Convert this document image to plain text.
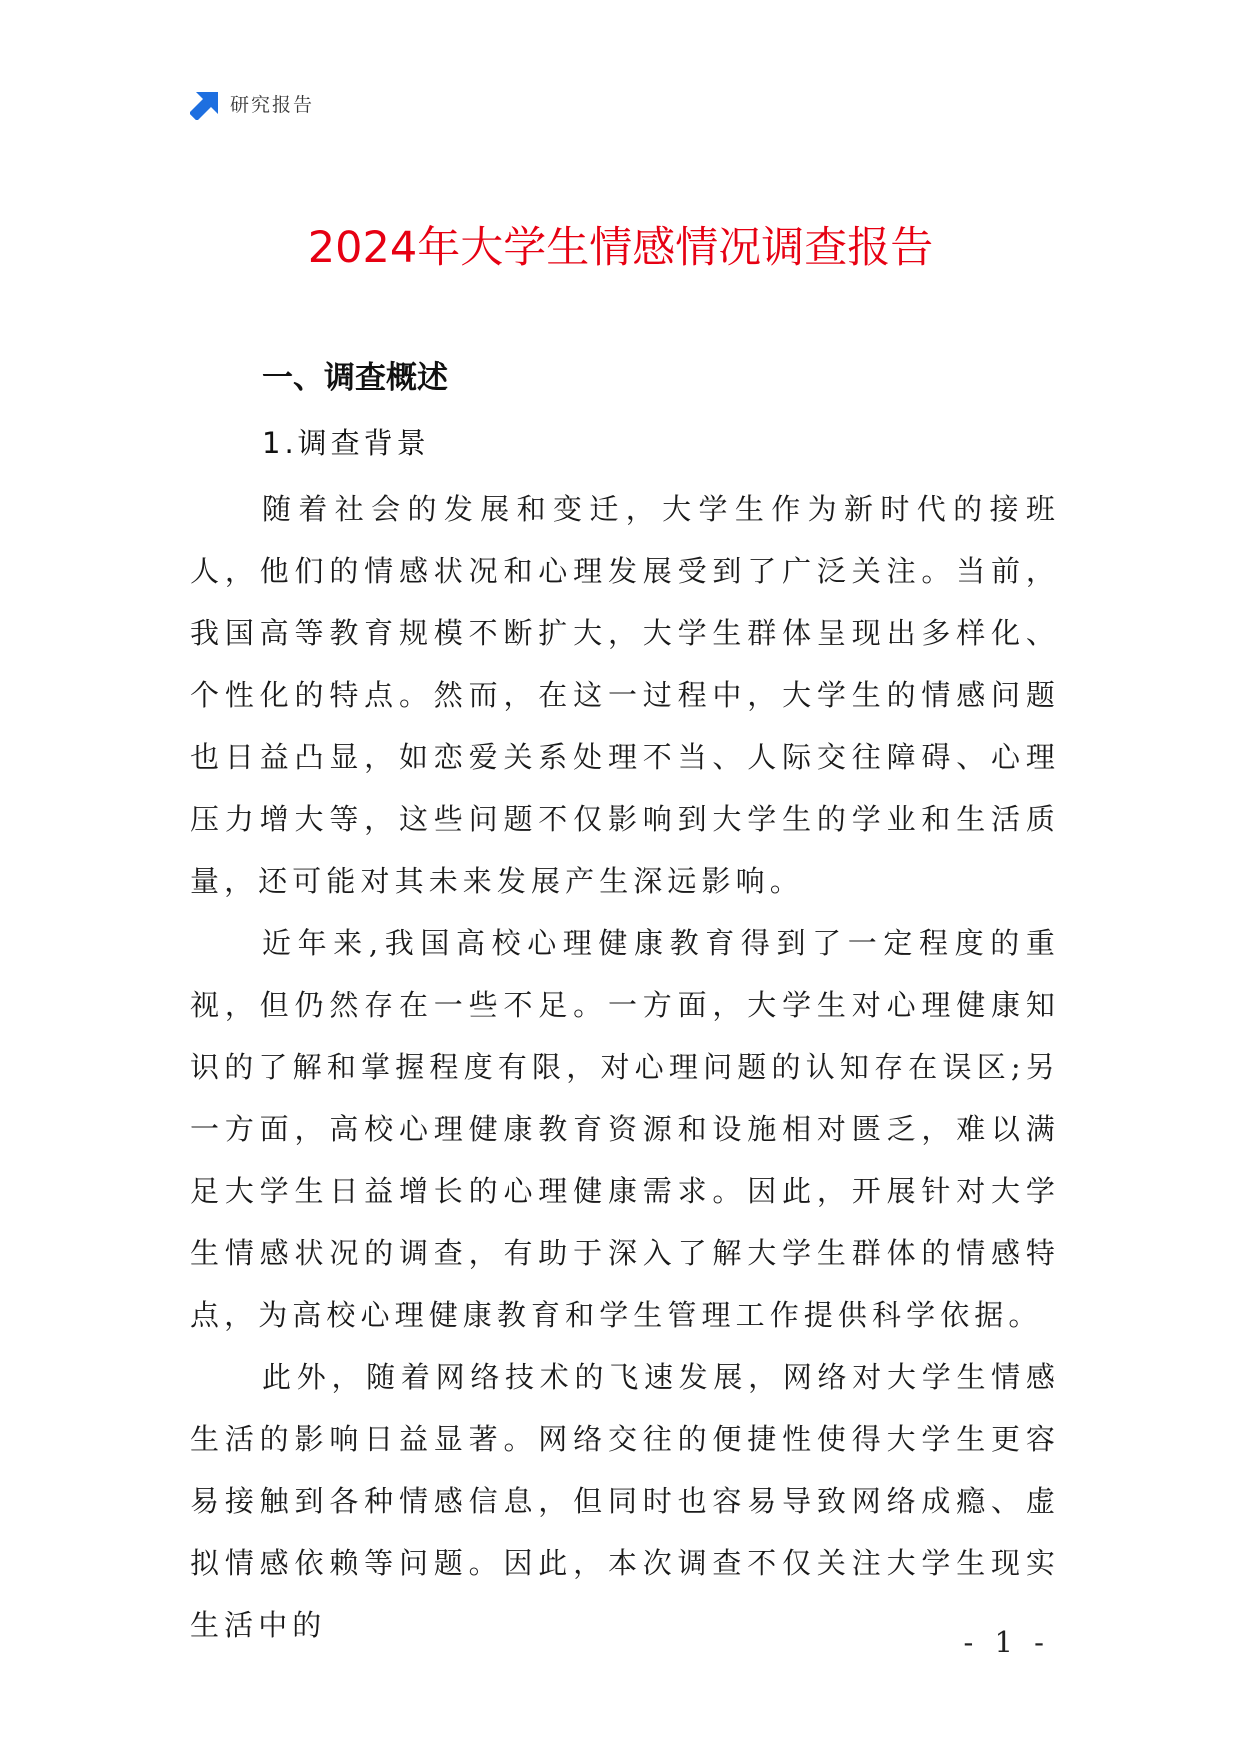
研究报告
2024年大学生情感情况调查报告
一、调查概述
1.调查背景

随着社会的发展和变迁，大学生作为新时代的接班人，他们的情感状况和心理发展受到了广泛关注。当前，我国高等教育规模不断扩大，大学生群体呈现出多样化、个性化的特点。然而，在这一过程中，大学生的情感问题也日益凸显，如恋爱关系处理不当、人际交往障碍、心理压力增大等，这些问题不仅影响到大学生的学业和生活质量，还可能对其未来发展产生深远影响。

近年来,我国高校心理健康教育得到了一定程度的重视，但仍然存在一些不足。一方面，大学生对心理健康知识的了解和掌握程度有限，对心理问题的认知存在误区;另一方面，高校心理健康教育资源和设施相对匮乏，难以满足大学生日益增长的心理健康需求。因此，开展针对大学生情感状况的调查，有助于深入了解大学生群体的情感特点，为高校心理健康教育和学生管理工作提供科学依据。

此外，随着网络技术的飞速发展，网络对大学生情感生活的影响日益显著。网络交往的便捷性使得大学生更容易接触到各种情感信息，但同时也容易导致网络成瘾、虚拟情感依赖等问题。因此，本次调查不仅关注大学生现实生活中的	- 1 -
